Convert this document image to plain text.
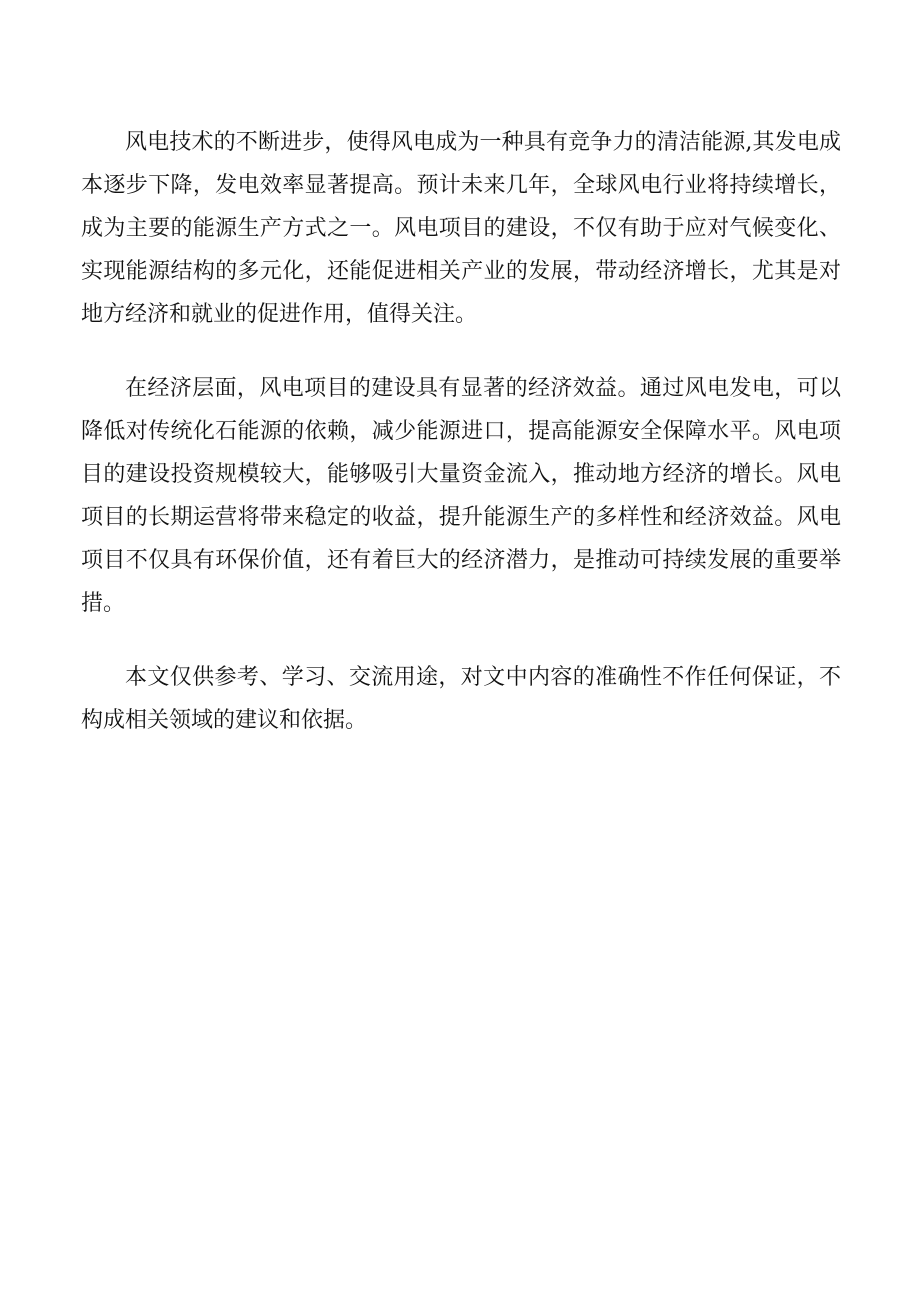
风电技术的不断进步，使得风电成为一种具有竞争力的清洁能源,其发电成本逐步下降，发电效率显著提高。预计未来几年，全球风电行业将持续增长，成为主要的能源生产方式之一。风电项目的建设，不仅有助于应对气候变化、实现能源结构的多元化，还能促进相关产业的发展，带动经济增长，尤其是对地方经济和就业的促进作用，值得关注。

在经济层面，风电项目的建设具有显著的经济效益。通过风电发电，可以降低对传统化石能源的依赖，减少能源进口，提高能源安全保障水平。风电项目的建设投资规模较大，能够吸引大量资金流入，推动地方经济的增长。风电项目的长期运营将带来稳定的收益，提升能源生产的多样性和经济效益。风电项目不仅具有环保价值，还有着巨大的经济潜力，是推动可持续发展的重要举措。

本文仅供参考、学习、交流用途，对文中内容的准确性不作任何保证，不构成相关领域的建议和依据。
